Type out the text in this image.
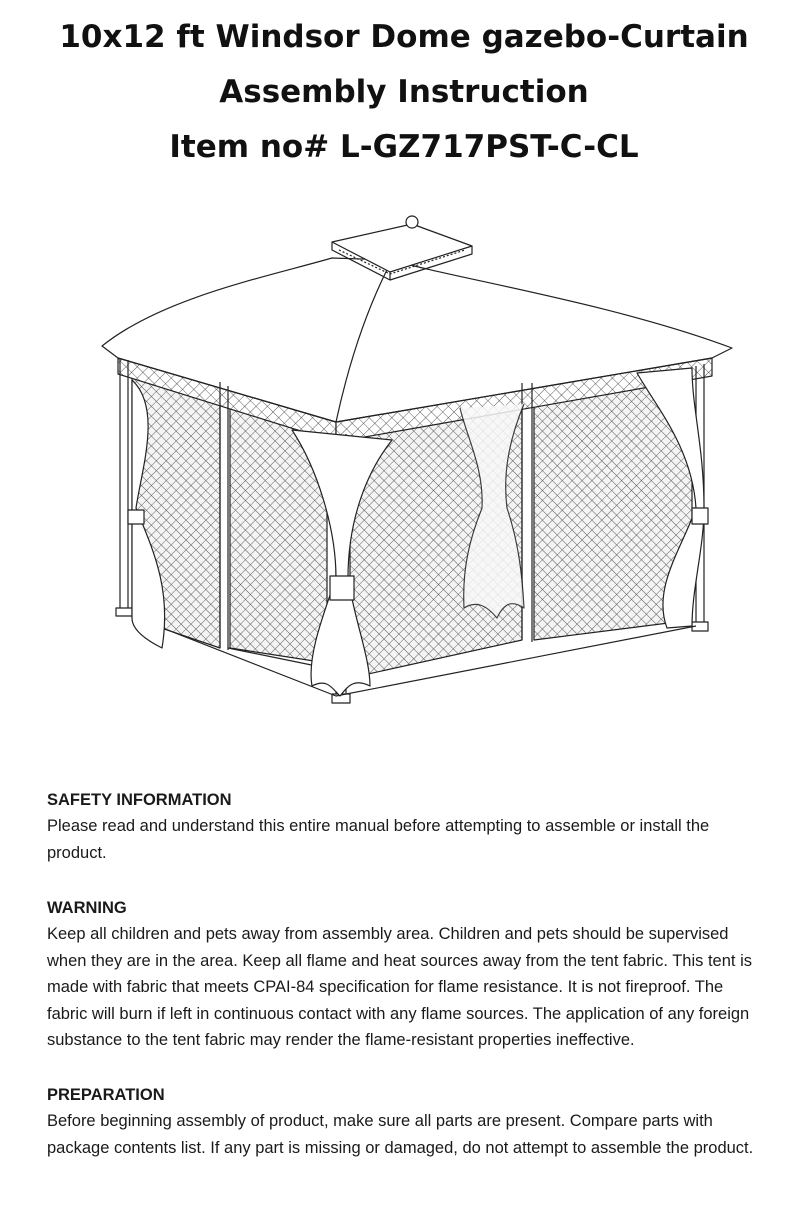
10x12 ft Windsor Dome gazebo-Curtain
Assembly Instruction
Item no# L-GZ717PST-C-CL
SAFETY INFORMATION

Please read and understand this entire manual before attempting to assemble or install the product.

WARNING

Keep all children and pets away from assembly area. Children and pets should be supervised when they are in the area. Keep all flame and heat sources away from the tent fabric. This tent is made with fabric that meets CPAI-84 specification for flame resistance. It is not fireproof. The fabric will burn if left in continuous contact with any flame sources. The application of any foreign substance to the tent fabric may render the flame-resistant properties ineffective.

PREPARATION

Before beginning assembly of product, make sure all parts are present. Compare parts with package contents list. If any part is missing or damaged, do not attempt to assemble the product.
